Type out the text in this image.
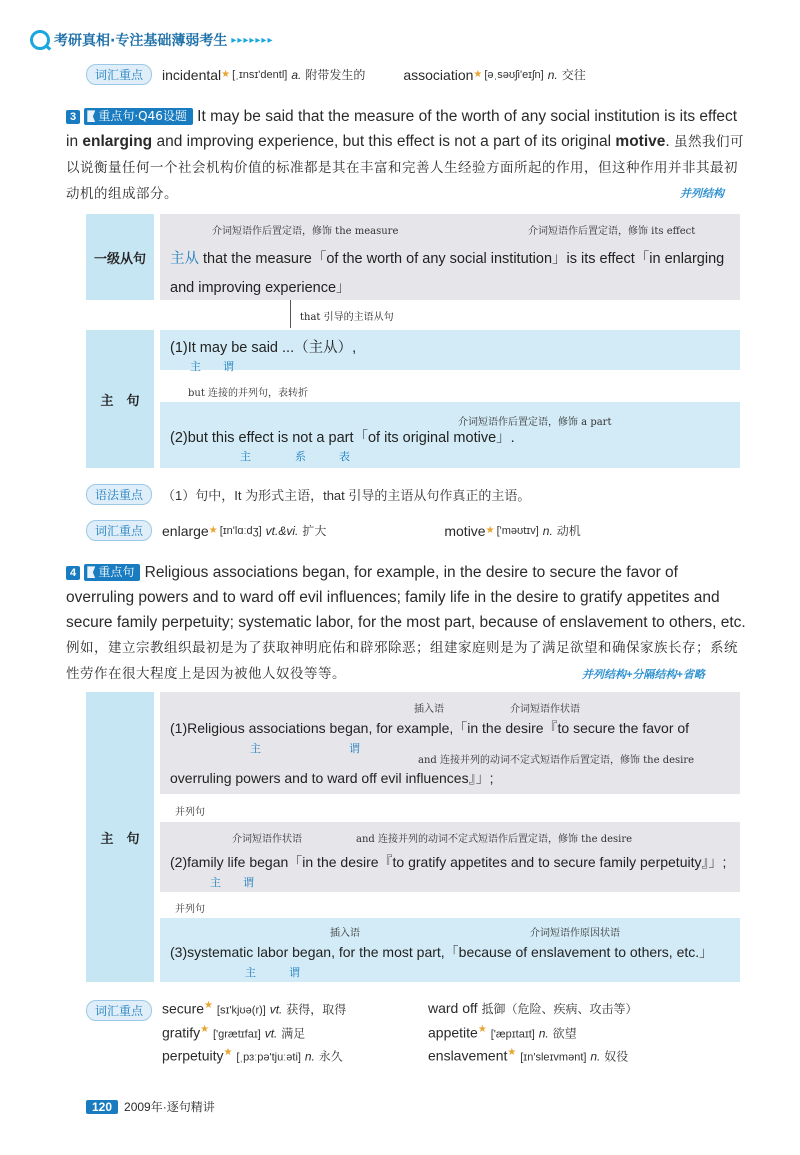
考研真相·专注基础薄弱考生 ▸▸▸▸▸▸▸
词汇重点	incidental ★ [ˌɪnsɪ'dentl] a. 附带发生的	association ★ [əˌsəʊʃi'eɪʃn] n. 交往
3 重点句·Q46设题 It may be said that the measure of the worth of any social institution is its effect in enlarging and improving experience, but this effect is not a part of its original motive. 虽然我们可以说衡量任何一个社会机构价值的标准都是其在丰富和完善人生经验方面所起的作用，但这种作用并非其最初动机的组成部分。	并列结构
一级从句
介词短语作后置定语，修饰 the measure	介词短语作后置定语，修饰 its effect
主从 that the measure「of the worth of any social institution」is its effect「in enlarging
and improving experience」
that 引导的主语从句
主　句
(1)It may be said ...（主从）,
主　　谓
but 连接的并列句，表转折
介词短语作后置定语，修饰 a part
(2)but this effect is not a part「of its original motive」.
主　　　　系　　　表
语法重点	（1）句中，It 为形式主语，that 引导的主语从句作真正的主语。
词汇重点	enlarge ★ [ɪn'lɑːdʒ] vt.&vi. 扩大	motive ★ ['məʊtɪv] n. 动机
4 重点句 Religious associations began, for example, in the desire to secure the favor of overruling powers and to ward off evil influences; family life in the desire to gratify appetites and secure family perpetuity; systematic labor, for the most part, because of enslavement to others, etc. 例如，建立宗教组织最初是为了获取神明庇佑和辟邪除恶；组建家庭则是为了满足欲望和确保家族长存；系统性劳作在很大程度上是因为被他人奴役等等。	并列结构+分隔结构+省略
主　句
插入语	介词短语作状语
(1)Religious associations began, for example,「in the desire『to secure the favor of
主　　　　　　　　谓
and 连接并列的动词不定式短语作后置定语，修饰 the desire
overruling powers and to ward off evil influences』」;
并列句
介词短语作状语	and 连接并列的动词不定式短语作后置定语，修饰 the desire
(2)family life began「in the desire『to gratify appetites and to secure family perpetuity』」;
主　　谓
并列句
插入语	介词短语作原因状语
(3)systematic labor began, for the most part,「because of enslavement to others, etc.」
主　　　谓
词汇重点	secure★ [sɪ'kjʊə(r)] vt. 获得，取得	ward off 抵御（危险、疾病、攻击等）
gratify★ ['ɡrætɪfaɪ] vt. 满足	appetite★ ['æpɪtaɪt] n. 欲望
perpetuity★ [ˌpɜːpə'tjuːəti] n. 永久	enslavement★ [ɪn'sleɪvmənt] n. 奴役
120	2009年·逐句精讲
